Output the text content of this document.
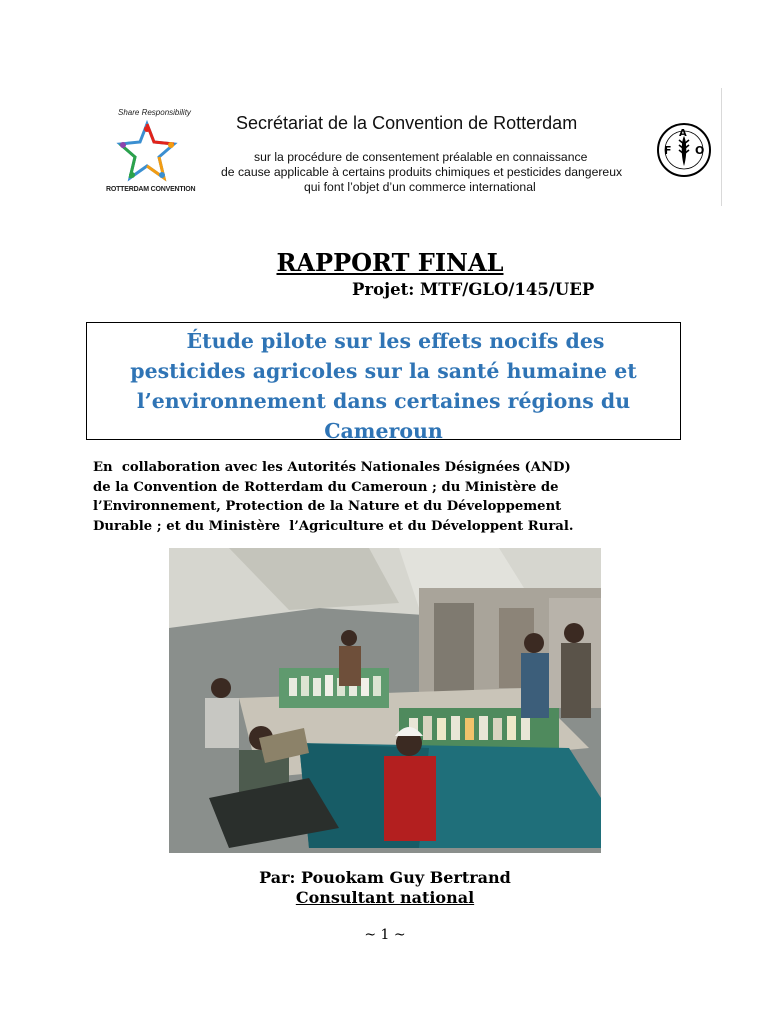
Share Responsibility
ROTTERDAM CONVENTION
Secrétariat de la Convention de Rotterdam
sur la procédure de consentement préalable en connaissance
de cause applicable à certains produits chimiques et pesticides dangereux
qui font l’objet d’un commerce international
F
A
O
RAPPORT FINAL
Projet: MTF/GLO/145/UEP
Étude pilote sur les effets nocifs des
pesticides agricoles sur la santé humaine et
l’environnement dans certaines régions du
Cameroun
En  collaboration avec les Autorités Nationales Désignées (AND)
de la Convention de Rotterdam du Cameroun ; du Ministère de
l’Environnement, Protection de la Nature et du Développement
Durable ; et du Ministère  l’Agriculture et du Développent Rural.
Par: Pouokam Guy Bertrand
Consultant national
~ 1 ~
